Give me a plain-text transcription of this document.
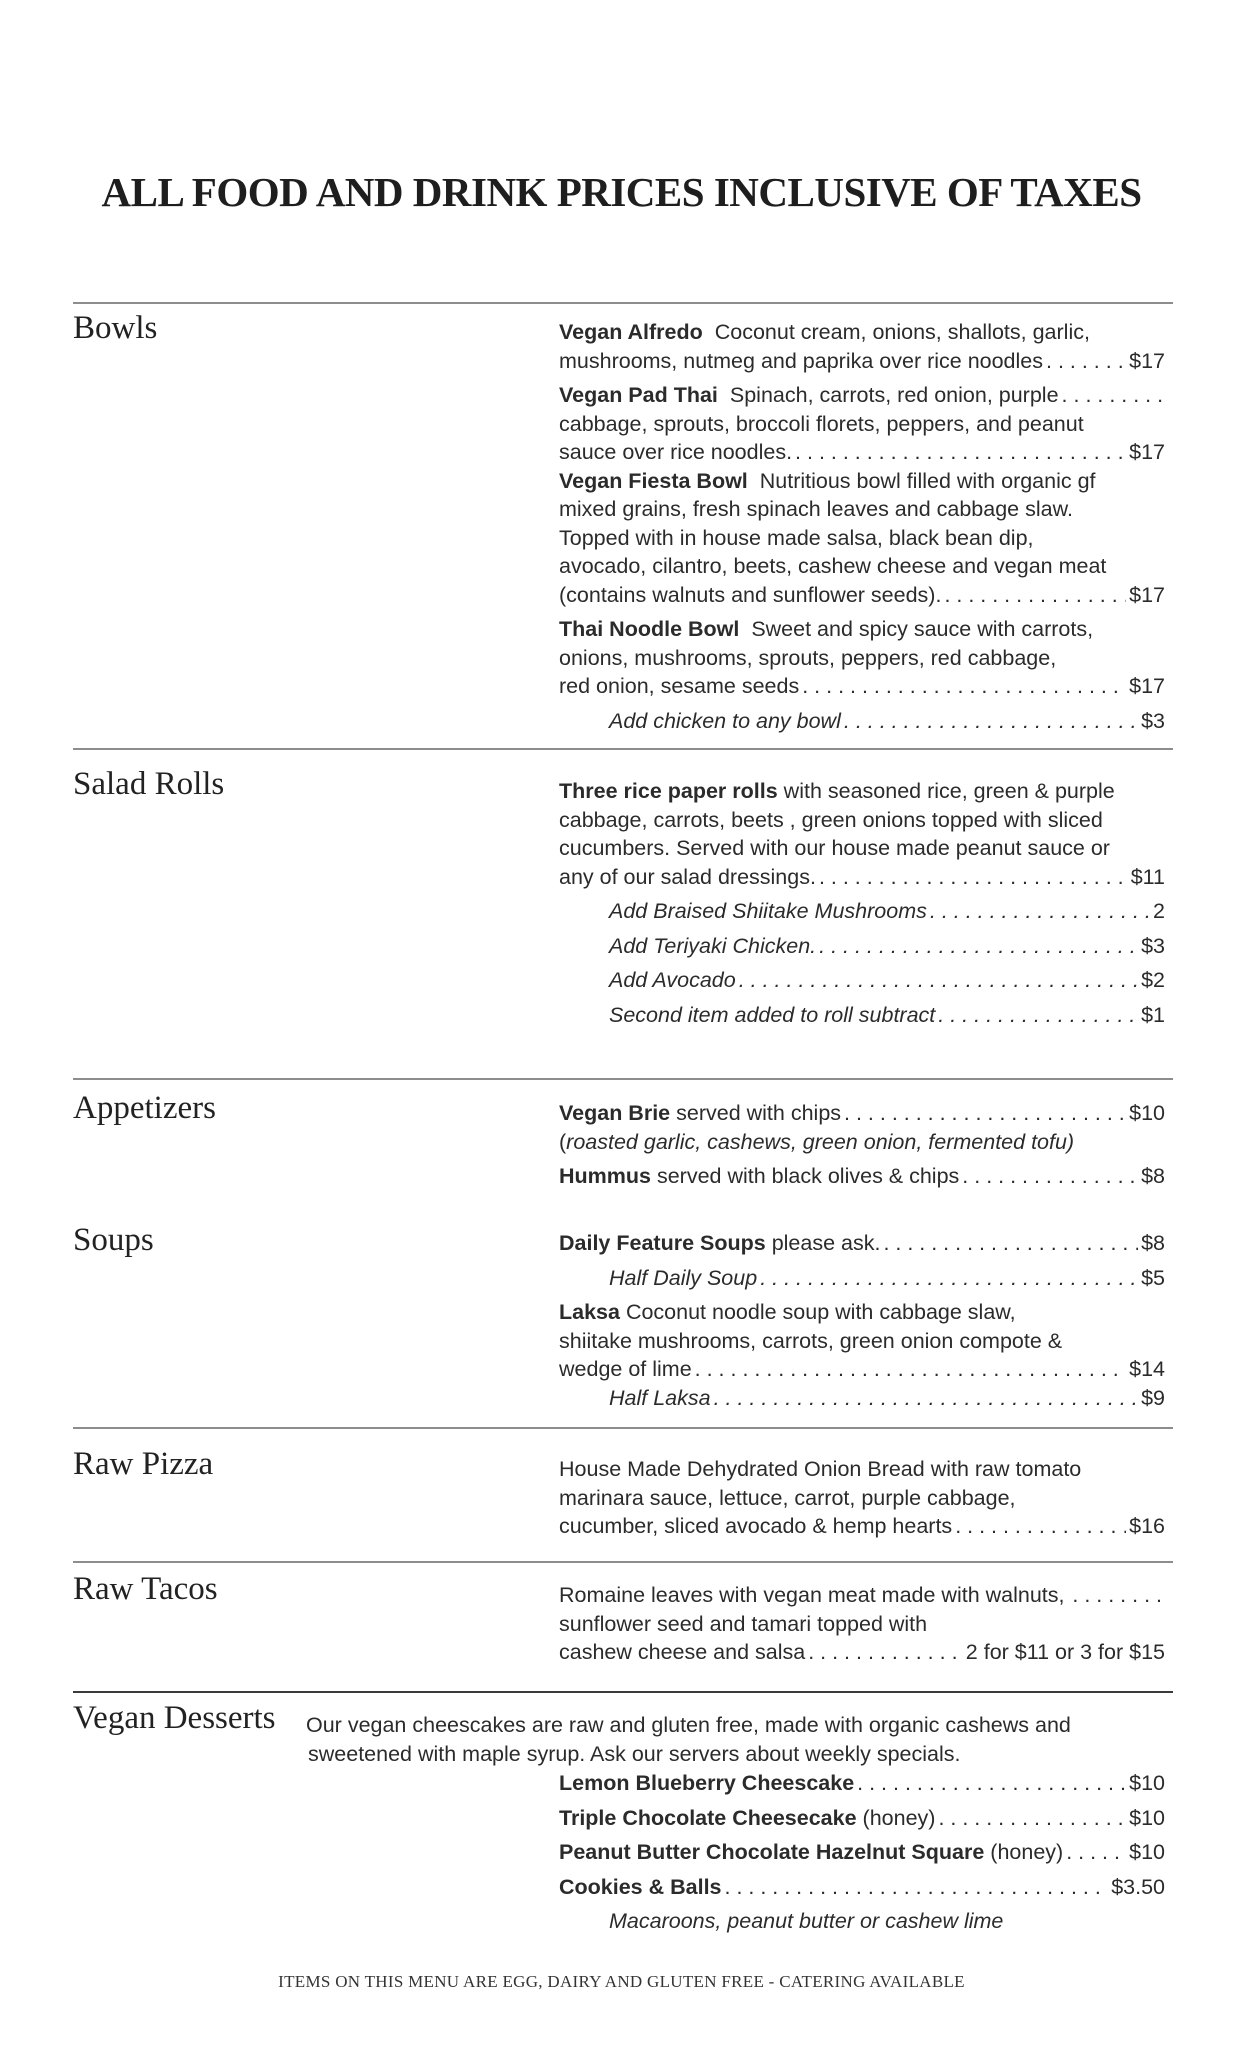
ALL FOOD AND DRINK PRICES INCLUSIVE OF TAXES
Bowls	Vegan Alfredo Coconut cream, onions, shallots, garlic,
mushrooms, nutmeg and paprika over rice noodles . . .	$17
Vegan Pad Thai Spinach, carrots, red onion, purple
. . .
cabbage, sprouts, broccoli florets, peppers, and peanut
sauce over rice noodles. . . .	$17
Vegan Fiesta Bowl Nutritious bowl filled with organic gf
mixed grains, fresh spinach leaves and cabbage slaw.
Topped with in house made salsa, black bean dip,
avocado, cilantro, beets, cashew cheese and vegan meat
(contains walnuts and sunflower seeds). . . .	$17
Thai Noodle Bowl Sweet and spicy sauce with carrots,
onions, mushrooms, sprouts, peppers, red cabbage,
red onion, sesame seeds . . .	$17
Add chicken to any bowl . . .	$3
Salad Rolls	Three rice paper rolls with seasoned rice, green & purple
cabbage, carrots, beets , green onions topped with sliced
cucumbers. Served with our house made peanut sauce or
any of our salad dressings. . . .	$11
Add Braised Shiitake Mushrooms . . .	2
Add Teriyaki Chicken. . . .	$3
Add Avocado . . .	$2
Second item added to roll subtract . . .	$1
Appetizers	Vegan Brie served with chips . . .	$10
(roasted garlic, cashews, green onion, fermented tofu)
Hummus served with black olives & chips . . .	$8
Soups	Daily Feature Soups please ask. . . .	$8
Half Daily Soup . . .	$5
Laksa Coconut noodle soup with cabbage slaw,
shiitake mushrooms, carrots, green onion compote &
wedge of lime . . .	$14
Half Laksa . . .	$9
Raw Pizza	House Made Dehydrated Onion Bread with raw tomato
marinara sauce, lettuce, carrot, purple cabbage,
cucumber, sliced avocado & hemp hearts . . .	$16
Raw Tacos	Romaine leaves with vegan meat made with walnuts,
. . .
sunflower seed and tamari topped with
cashew cheese and salsa . . .	2 for $11 or 3 for $15
Vegan Desserts Our vegan cheescakes are raw and gluten free, made with organic cashews and
sweetened with maple syrup. Ask our servers about weekly specials.
Lemon Blueberry Cheescake . . .	$10
Triple Chocolate Cheesecake (honey) . . .	$10
Peanut Butter Chocolate Hazelnut Square (honey) . . .	$10
Cookies & Balls . . .	$3.50
Macaroons, peanut butter or cashew lime
ITEMS ON THIS MENU ARE EGG, DAIRY AND GLUTEN FREE - CATERING AVAILABLE
